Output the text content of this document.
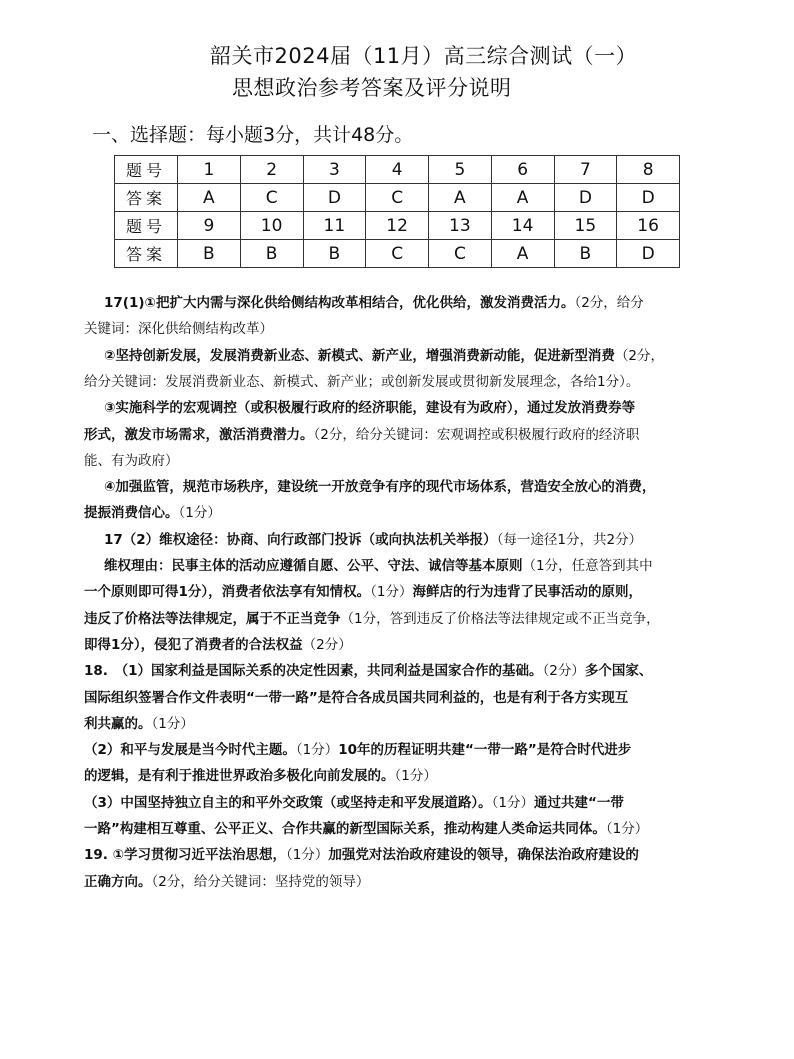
韶关市2024届（11月）高三综合测试（一）
思想政治参考答案及评分说明
一、选择题：每小题3分，共计48分。
题号	1	2	3	4	5	6	7	8
答案	A	C	D	C	A	A	D	D
题号	9	10	11	12	13	14	15	16
答案	B	B	B	C	C	A	B	D
17(1)①把扩大内需与深化供给侧结构改革相结合，优化供给，激发消费活力。（2分，给分
关键词：深化供给侧结构改革）
②坚持创新发展，发展消费新业态、新模式、新产业，增强消费新动能，促进新型消费（2分，
给分关键词：发展消费新业态、新模式、新产业；或创新发展或贯彻新发展理念，各给1分）。
③实施科学的宏观调控（或积极履行政府的经济职能，建设有为政府），通过发放消费券等
形式，激发市场需求，激活消费潜力。（2分，给分关键词：宏观调控或积极履行政府的经济职
能、有为政府）
④加强监管，规范市场秩序，建设统一开放竞争有序的现代市场体系，营造安全放心的消费，
提振消费信心。（1分）
17（2）维权途径：协商、向行政部门投诉（或向执法机关举报）（每一途径1分，共2分）
维权理由：民事主体的活动应遵循自愿、公平、守法、诚信等基本原则（1分，任意答到其中
一个原则即可得1分），消费者依法享有知情权。（1分）海鲜店的行为违背了民事活动的原则，
违反了价格法等法律规定，属于不正当竞争（1分，答到违反了价格法等法律规定或不正当竞争，
即得1分），侵犯了消费者的合法权益（2分）
18.　（1）国家利益是国际关系的决定性因素，共同利益是国家合作的基础。（2分）多个国家、
国际组织签署合作文件表明“一带一路”是符合各成员国共同利益的，也是有利于各方实现互
利共赢的。（1分）
（2）和平与发展是当今时代主题。（1分）10年的历程证明共建“一带一路”是符合时代进步
的逻辑，是有利于推进世界政治多极化向前发展的。（1分）
（3）中国坚持独立自主的和平外交政策（或坚持走和平发展道路）。（1分）通过共建“一带
一路”构建相互尊重、公平正义、合作共赢的新型国际关系，推动构建人类命运共同体。（1分）
19. ①学习贯彻习近平法治思想，（1分）加强党对法治政府建设的领导，确保法治政府建设的
正确方向。（2分，给分关键词：坚持党的领导）
